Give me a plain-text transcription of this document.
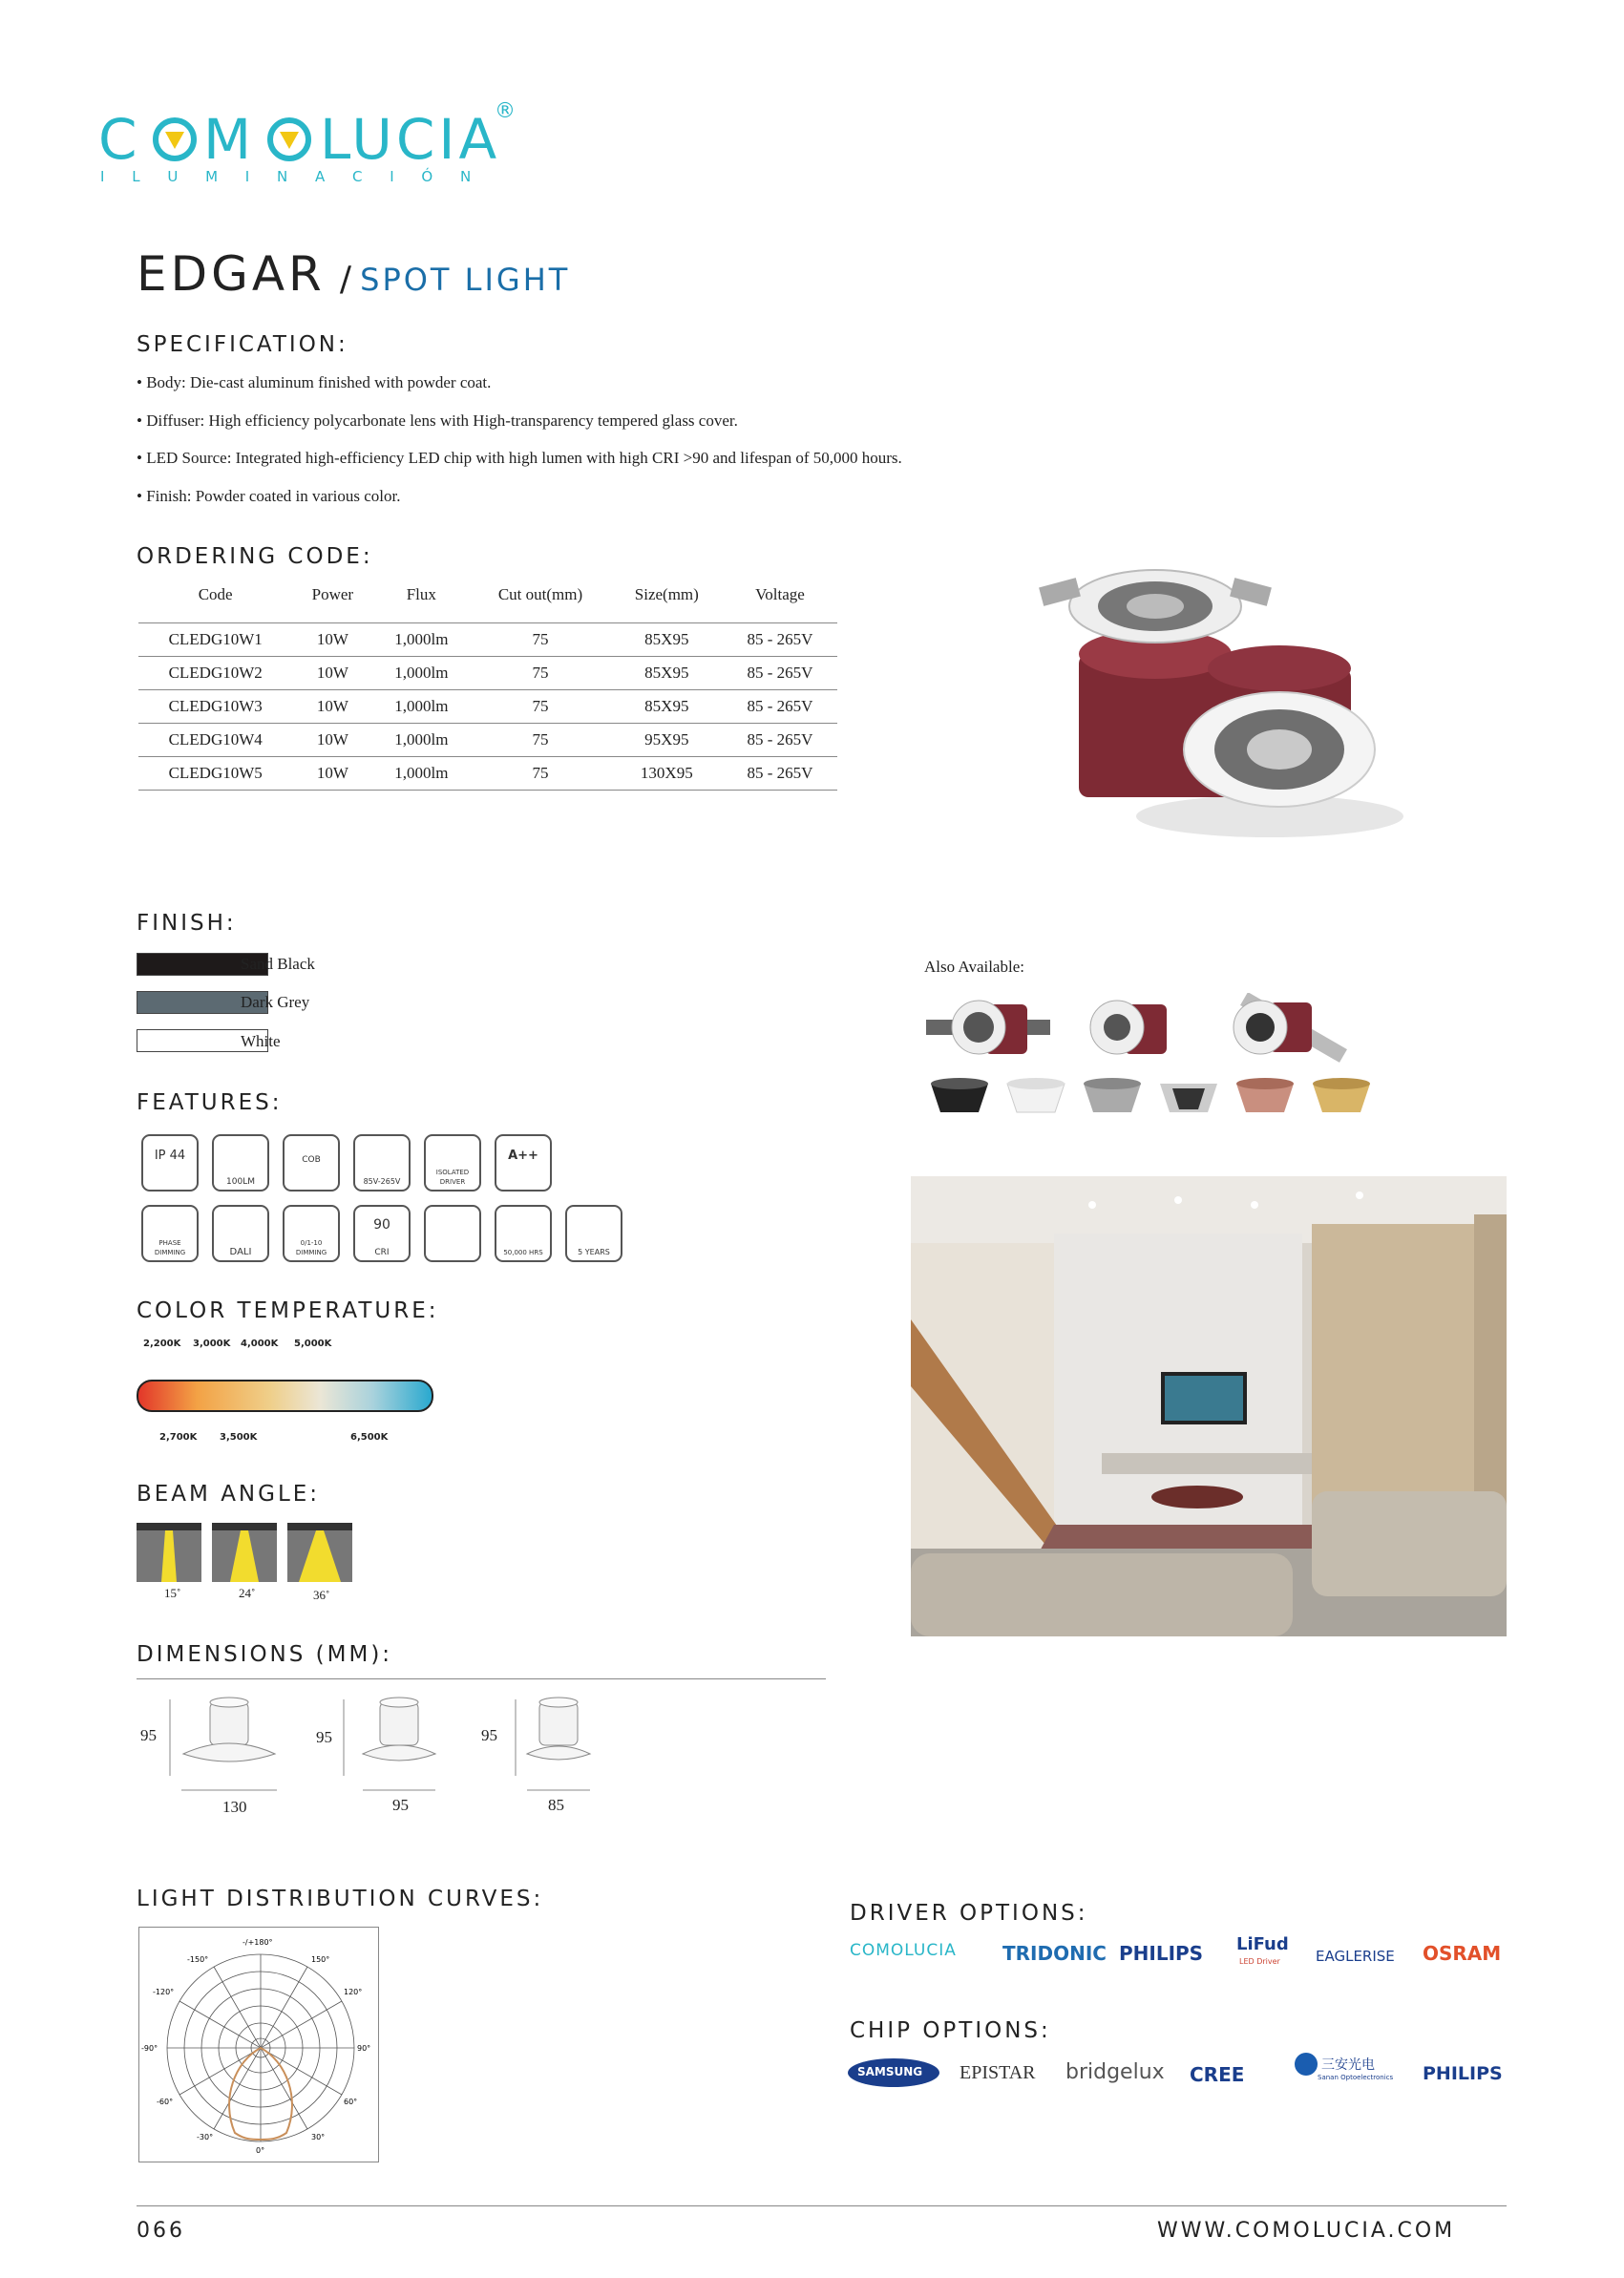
C M LUCIA
®
I L U M I N A C I Ó N
EDGAR / SPOT LIGHT
SPECIFICATION:
• Body: Die-cast aluminum finished with powder coat.
• Diffuser: High efficiency polycarbonate lens with High-transparency tempered glass cover.
• LED Source: Integrated high-efficiency LED chip with high lumen with high CRI >90 and lifespan of 50,000 hours.
• Finish: Powder coated in various color.
ORDERING CODE:
Code	Power	Flux	Cut out(mm)	Size(mm)	Voltage
CLEDG10W1	10W	1,000lm	75	85X95	85 - 265V
CLEDG10W2	10W	1,000lm	75	85X95	85 - 265V
CLEDG10W3	10W	1,000lm	75	85X95	85 - 265V
CLEDG10W4	10W	1,000lm	75	95X95	85 - 265V
CLEDG10W5	10W	1,000lm	75	130X95	85 - 265V
FINISH:
Sand Black
Dark Grey
White
Also Available:
FEATURES:
IP 44
100LM
COB
85V-265V
ISOLATED DRIVER
A++
PHASE DIMMING	DALI
0/1-10 DIMMING
90
CRI	50,000 HRS	5 YEARS
COLOR TEMPERATURE:
2,200K 3,000K 4,000K 5,000K
2,700K 3,500K	6,500K
BEAM ANGLE:
15˚	24˚	36˚
DIMENSIONS (MM):
95
130
95
95
95
85
LIGHT DISTRIBUTION CURVES:
-/+180°
-150°	150°
-120°	120°
-90°	90°
-60°	60°
-30°	30°
0°
DRIVER OPTIONS:
COMOLUCIA TRIDONIC PHILIPS LiFud
LED Driver EAGLERISE OSRAM
CHIP OPTIONS:
SAMSUNG EPISTAR bridgelux CREE	三安光电
Sanan Optoelectronics PHILIPS
066	WWW.COMOLUCIA.COM
